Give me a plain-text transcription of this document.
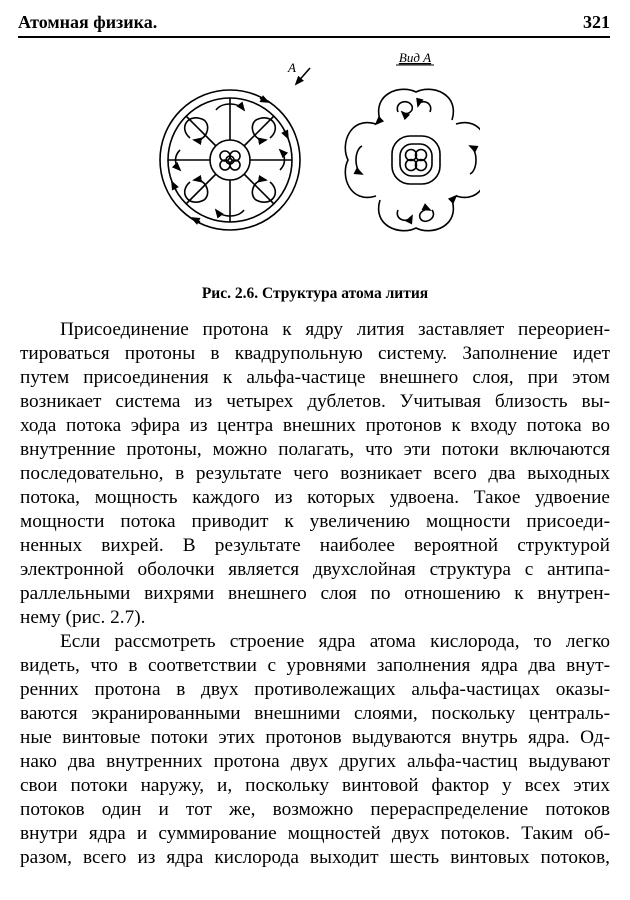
Атомная физика.	321
A
Вид А
Рис. 2.6. Структура атома лития

Присоединение протона к ядру лития заставляет переориен-

тироваться протоны в квадрупольную систему. Заполнение идет

путем присоединения к альфа-частице внешнего слоя, при этом

возникает система из четырех дублетов. Учитывая близость вы-

хода потока эфира из центра внешних протонов к входу потока во

внутренние протоны, можно полагать, что эти потоки включаются

последовательно, в результате чего возникает всего два выходных

потока, мощность каждого из которых удвоена. Такое удвоение

мощности потока приводит к увеличению мощности присоеди-

ненных вихрей. В результате наиболее вероятной структурой

электронной оболочки является двухслойная структура с антипа-

раллельными вихрями внешнего слоя по отношению к внутрен-

нему (рис. 2.7).

Если рассмотреть строение ядра атома кислорода, то легко

видеть, что в соответствии с уровнями заполнения ядра два внут-

ренних протона в двух противолежащих альфа-частицах оказы-

ваются экранированными внешними слоями, поскольку централь-

ные винтовые потоки этих протонов выдуваются внутрь ядра. Од-

нако два внутренних протона двух других альфа-частиц выдувают

свои потоки наружу, и, поскольку винтовой фактор у всех этих

потоков один и тот же, возможно перераспределение потоков

внутри ядра и суммирование мощностей двух потоков. Таким об-

разом, всего из ядра кислорода выходит шесть винтовых потоков,
